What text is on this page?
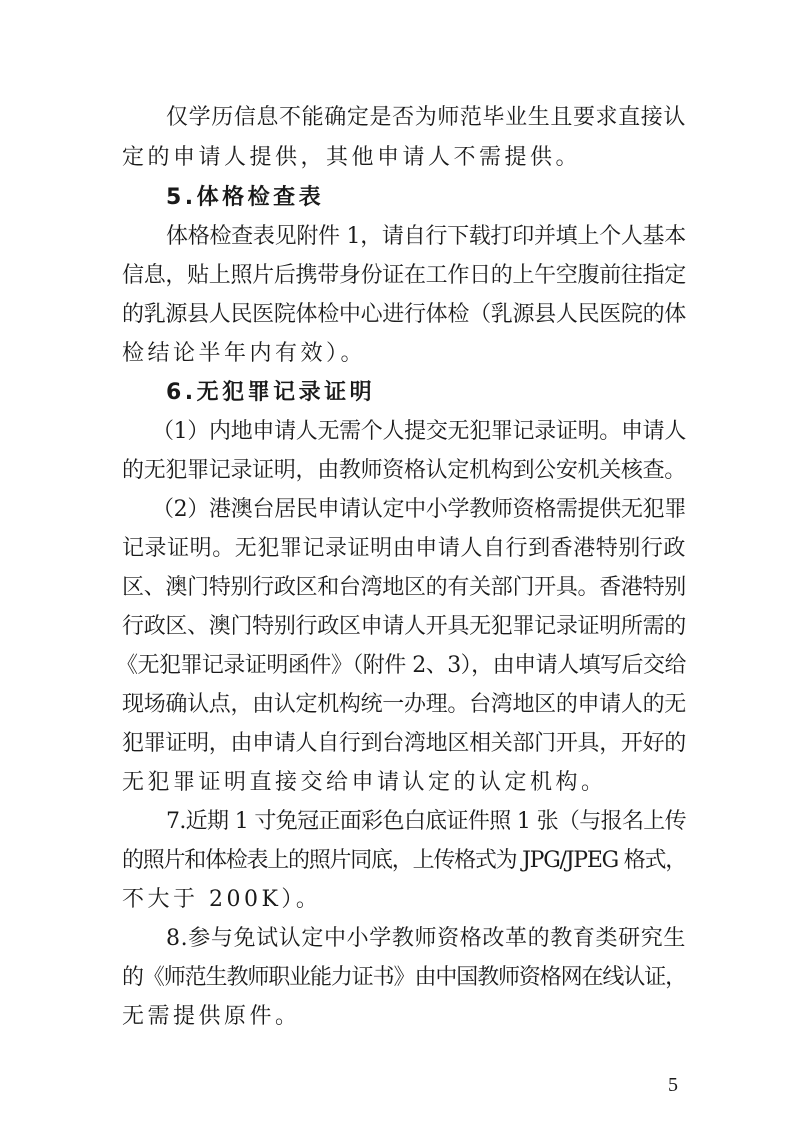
仅学历信息不能确定是否为师范毕业生且要求直接认
定的申请人提供，其他申请人不需提供。
5.体格检查表
体格检查表见附件 1，请自行下载打印并填上个人基本
信息，贴上照片后携带身份证在工作日的上午空腹前往指定
的乳源县人民医院体检中心进行体检（乳源县人民医院的体
检结论半年内有效）。
6.无犯罪记录证明
（1）内地申请人无需个人提交无犯罪记录证明。申请人
的无犯罪记录证明，由教师资格认定机构到公安机关核查。
（2）港澳台居民申请认定中小学教师资格需提供无犯罪
记录证明。无犯罪记录证明由申请人自行到香港特别行政
区、澳门特别行政区和台湾地区的有关部门开具。香港特别
行政区、澳门特别行政区申请人开具无犯罪记录证明所需的
《无犯罪记录证明函件》（附件 2、3），由申请人填写后交给
现场确认点，由认定机构统一办理。台湾地区的申请人的无
犯罪证明，由申请人自行到台湾地区相关部门开具，开好的
无犯罪证明直接交给申请认定的认定机构。
7.近期 1 寸免冠正面彩色白底证件照 1 张（与报名上传
的照片和体检表上的照片同底，上传格式为 JPG/JPEG 格式，
不大于 200K）。
8.参与免试认定中小学教师资格改革的教育类研究生
的《师范生教师职业能力证书》由中国教师资格网在线认证，
无需提供原件。
5
